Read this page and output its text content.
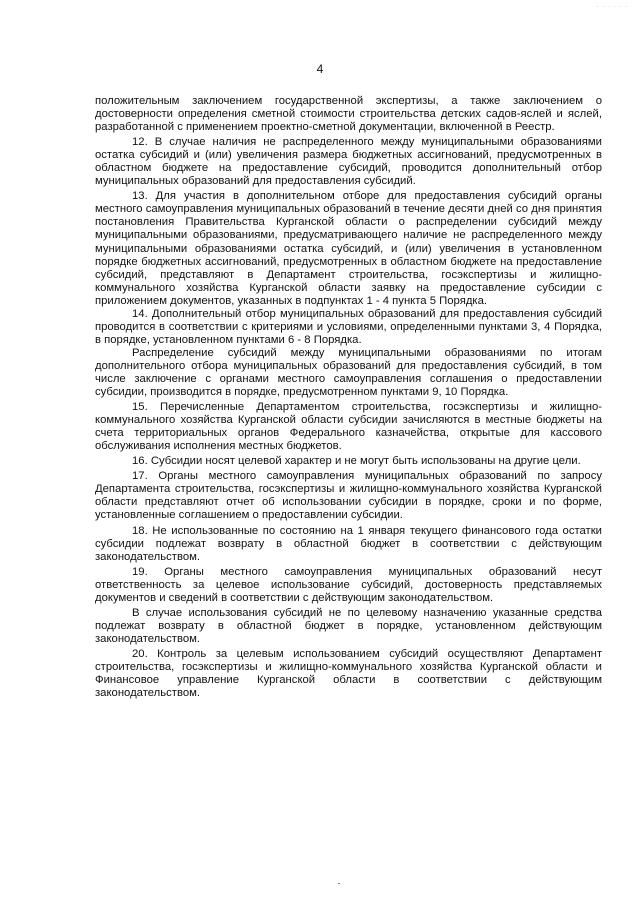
· · · · · ·
4

положительным заключением государственной экспертизы, а также заключением о достоверности определения сметной стоимости строительства детских садов-яслей и яслей, разработанной с применением проектно-сметной документации, включенной в Реестр.

12. В случае наличия не распределенного между муниципальными образованиями остатка субсидий и (или) увеличения размера бюджетных ассигнований, предусмотренных в областном бюджете на предоставление субсидий, проводится дополнительный отбор муниципальных образований для предоставления субсидий.

13. Для участия в дополнительном отборе для предоставления субсидий органы местного самоуправления муниципальных образований в течение десяти дней со дня принятия постановления Правительства Курганской области о распределении субсидий между муниципальными образованиями, предусматривающего наличие не распределенного между муниципальными образованиями остатка субсидий, и (или) увеличения в установленном порядке бюджетных ассигнований, предусмотренных в областном бюджете на предоставление субсидий, представляют в Департамент строительства, госэкспертизы и жилищно-коммунального хозяйства Курганской области заявку на предоставление субсидии с приложением документов, указанных в подпунктах 1 - 4 пункта 5 Порядка.

14. Дополнительный отбор муниципальных образований для предоставления субсидий проводится в соответствии с критериями и условиями, определенными пунктами 3, 4 Порядка, в порядке, установленном пунктами 6 - 8 Порядка.

Распределение субсидий между муниципальными образованиями по итогам дополнительного отбора муниципальных образований для предоставления субсидий, в том числе заключение с органами местного самоуправления соглашения о предоставлении субсидии, производится в порядке, предусмотренном пунктами 9, 10 Порядка.

15. Перечисленные Департаментом строительства, госэкспертизы и жилищно-коммунального хозяйства Курганской области субсидии зачисляются в местные бюджеты на счета территориальных органов Федерального казначейства, открытые для кассового обслуживания исполнения местных бюджетов.

16. Субсидии носят целевой характер и не могут быть использованы на другие цели.

17. Органы местного самоуправления муниципальных образований по запросу Департамента строительства, госэкспертизы и жилищно-коммунального хозяйства Курганской области представляют отчет об использовании субсидии в порядке, сроки и по форме, установленные соглашением о предоставлении субсидии.

18. Не использованные по состоянию на 1 января текущего финансового года остатки субсидии подлежат возврату в областной бюджет в соответствии с действующим законодательством.

19. Органы местного самоуправления муниципальных образований несут ответственность за целевое использование субсидий, достоверность представляемых документов и сведений в соответствии с действующим законодательством.

В случае использования субсидий не по целевому назначению указанные средства подлежат возврату в областной бюджет в порядке, установленном действующим законодательством.

20. Контроль за целевым использованием субсидий осуществляют Департамент строительства, госэкспертизы и жилищно-коммунального хозяйства Курганской области и Финансовое управление Курганской области в соответствии с действующим законодательством.
